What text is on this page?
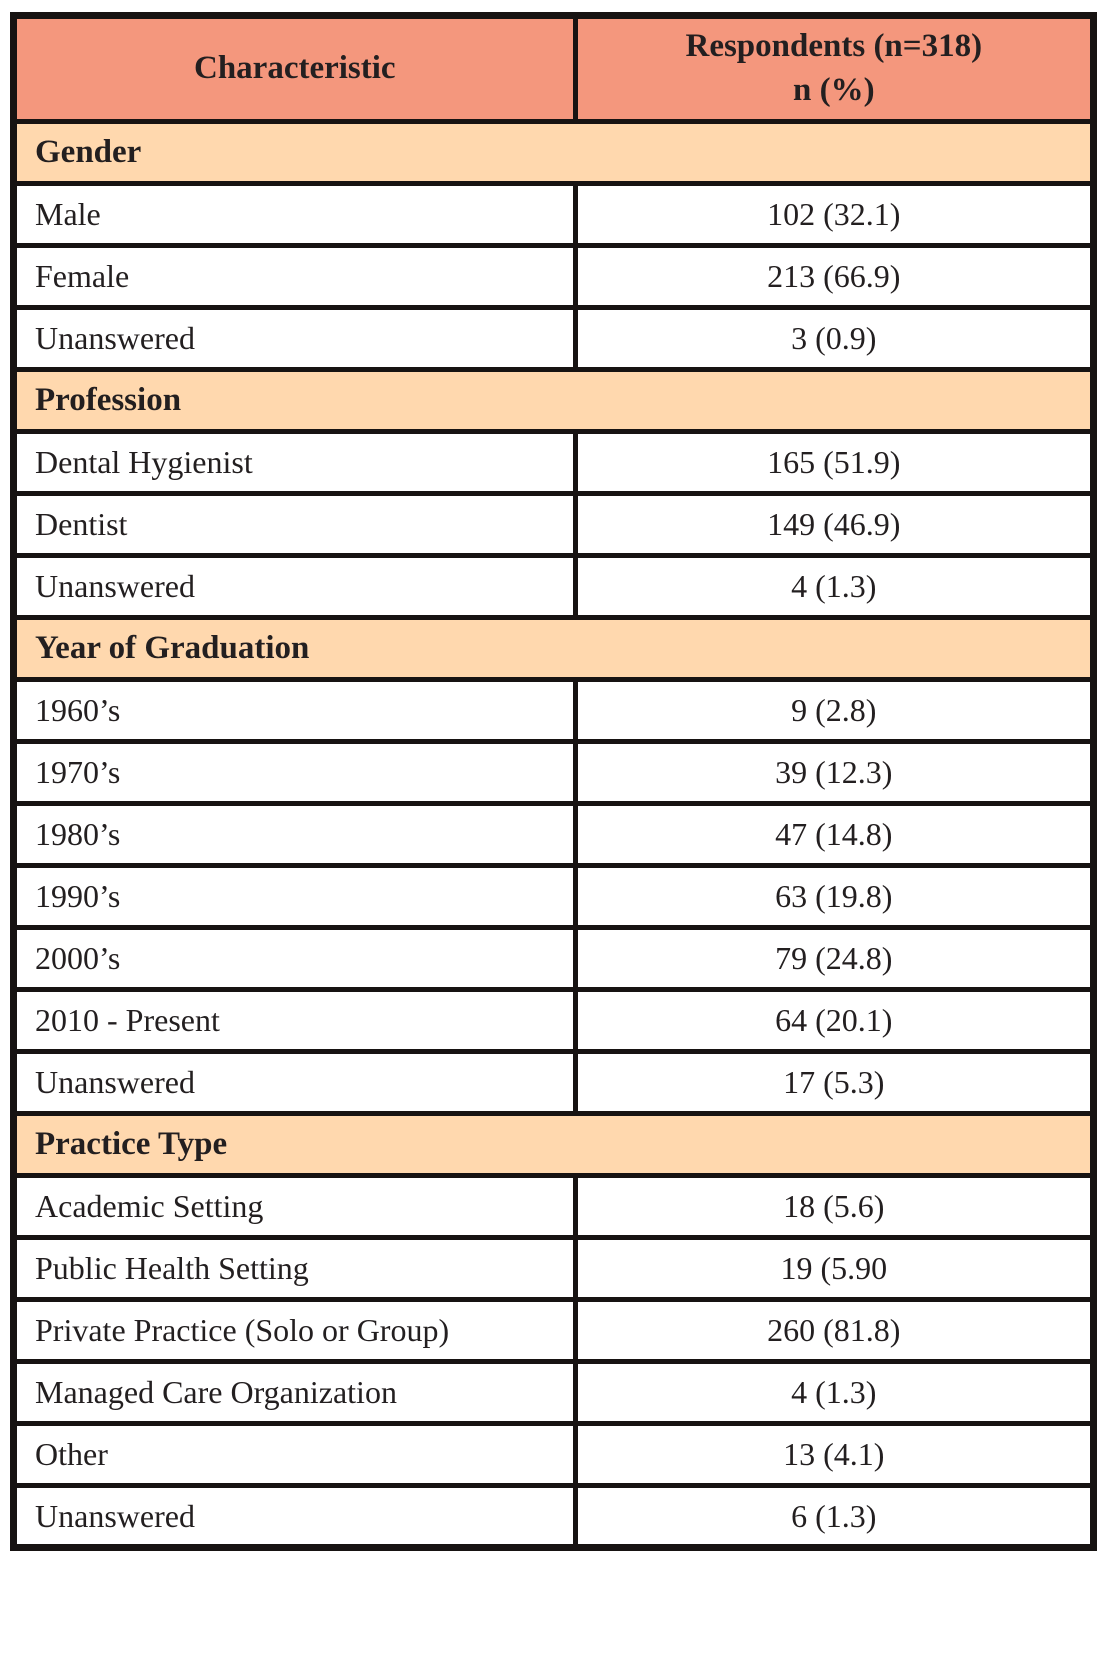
Characteristic	Respondents (n=318)
n (%)

Gender	
Male	102 (32.1)
Female	213 (66.9)
Unanswered	3 (0.9)
Profession	
Dental Hygienist	165 (51.9)
Dentist	149 (46.9)
Unanswered	4 (1.3)
Year of Graduation	
1960’s	9 (2.8)
1970’s	39 (12.3)
1980’s	47 (14.8)
1990’s	63 (19.8)
2000’s	79 (24.8)
2010 - Present	64 (20.1)
Unanswered	17 (5.3)
Practice Type	
Academic Setting	18 (5.6)
Public Health Setting	19 (5.90
Private Practice (Solo or Group)	260 (81.8)
Managed Care Organization	4 (1.3)
Other	13 (4.1)
Unanswered	6 (1.3)
